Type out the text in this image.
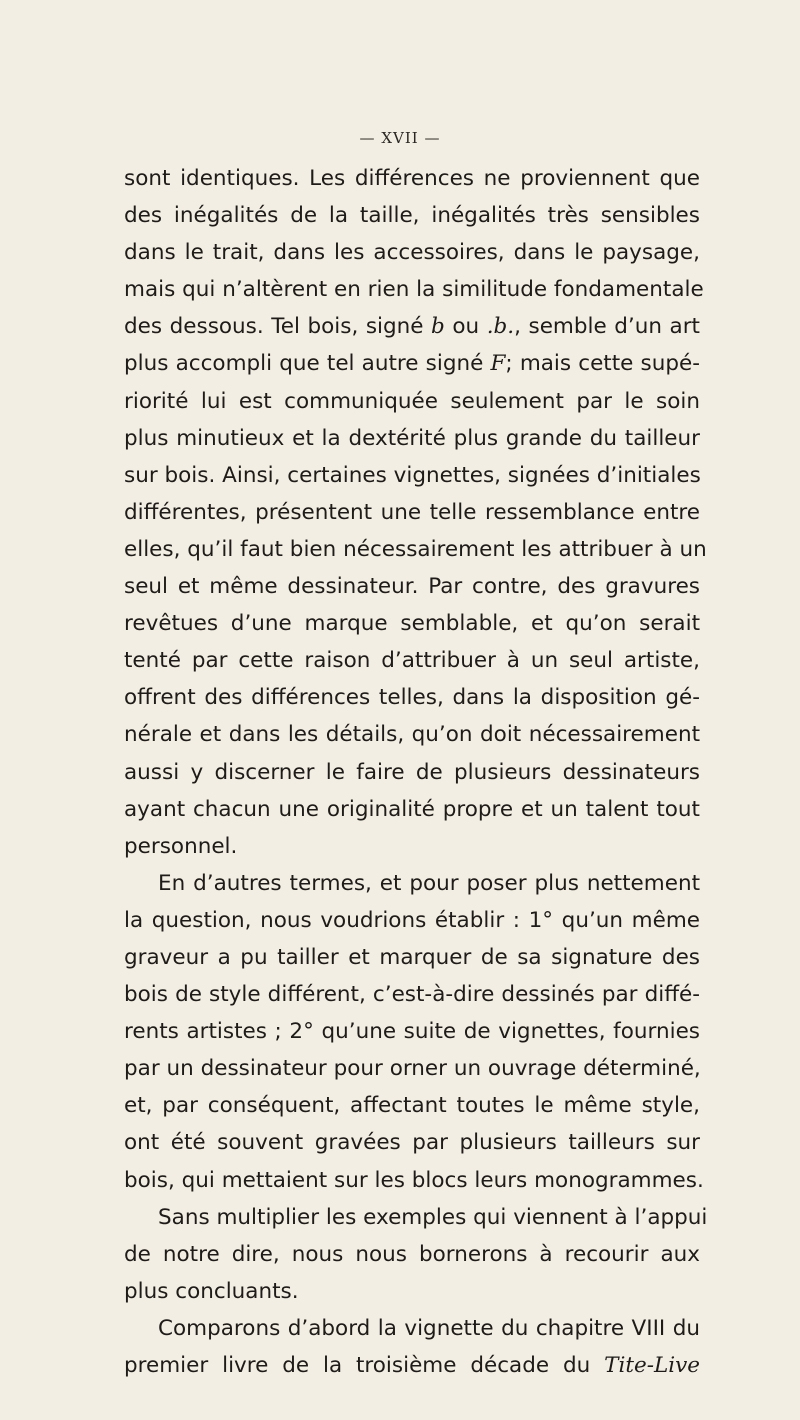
— XVII —
sont identiques. Les différences ne proviennent que
des inégalités de la taille, inégalités très sensibles
dans le trait, dans les accessoires, dans le paysage,
mais qui n’altèrent en rien la similitude fondamentale
des dessous. Tel bois, signé b ou .b., semble d’un art
plus accompli que tel autre signé F; mais cette supé-
riorité lui est communiquée seulement par le soin
plus minutieux et la dextérité plus grande du tailleur
sur bois. Ainsi, certaines vignettes, signées d’initiales
différentes, présentent une telle ressemblance entre
elles, qu’il faut bien nécessairement les attribuer à un
seul et même dessinateur. Par contre, des gravures
revêtues d’une marque semblable, et qu’on serait
tenté par cette raison d’attribuer à un seul artiste,
offrent des différences telles, dans la disposition gé-
nérale et dans les détails, qu’on doit nécessairement
aussi y discerner le faire de plusieurs dessinateurs
ayant chacun une originalité propre et un talent tout
personnel.
En d’autres termes, et pour poser plus nettement
la question, nous voudrions établir : 1° qu’un même
graveur a pu tailler et marquer de sa signature des
bois de style différent, c’est-à-dire dessinés par diffé-
rents artistes ; 2° qu’une suite de vignettes, fournies
par un dessinateur pour orner un ouvrage déterminé,
et, par conséquent, affectant toutes le même style,
ont été souvent gravées par plusieurs tailleurs sur
bois, qui mettaient sur les blocs leurs monogrammes.
Sans multiplier les exemples qui viennent à l’appui
de notre dire, nous nous bornerons à recourir aux
plus concluants.
Comparons d’abord la vignette du chapitre VIII du
premier livre de la troisième décade du Tite-Live
